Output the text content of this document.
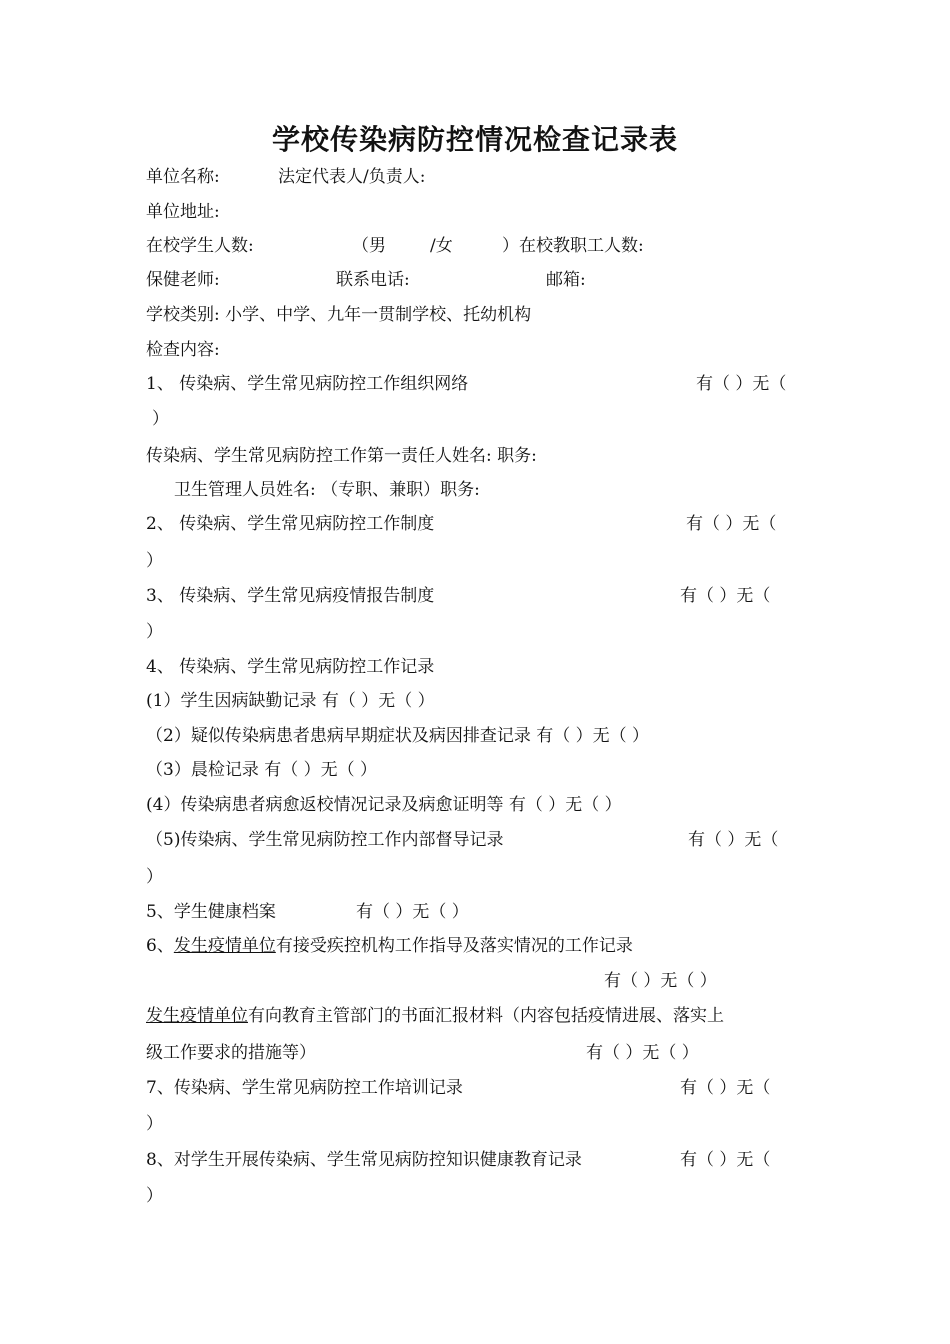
学校传染病防控情况检查记录表
单位名称:	法定代表人/负责人:
单位地址:
在校学生人数:	（男	/女	）在校教职工人数:
保健老师:	联系电话:	邮箱:
学校类别: 小学、中学、九年一贯制学校、托幼机构
检查内容:
1、 传染病、学生常见病防控工作组织网络	有（ ）无（
）
传染病、学生常见病防控工作第一责任人姓名: 职务:
卫生管理人员姓名: （专职、兼职）职务:
2、 传染病、学生常见病防控工作制度	有（ ）无（
）
3、 传染病、学生常见病疫情报告制度	有（ ）无（
）
4、 传染病、学生常见病防控工作记录
(1）学生因病缺勤记录 有（ ）无（ ）
（2）疑似传染病患者患病早期症状及病因排查记录 有（ ）无（ ）
（3）晨检记录 有（ ）无（ ）
(4）传染病患者病愈返校情况记录及病愈证明等 有（ ）无（ ）
（5)传染病、学生常见病防控工作内部督导记录	有（ ）无（
）
5、学生健康档案	有（ ）无（ ）
6、发生疫情单位有接受疾控机构工作指导及落实情况的工作记录
有（ ）无（ ）
发生疫情单位有向教育主管部门的书面汇报材料（内容包括疫情进展、落实上
级工作要求的措施等）	有（ ）无（ ）
7、传染病、学生常见病防控工作培训记录	有（ ）无（
）
8、对学生开展传染病、学生常见病防控知识健康教育记录	有（ ）无（
）
